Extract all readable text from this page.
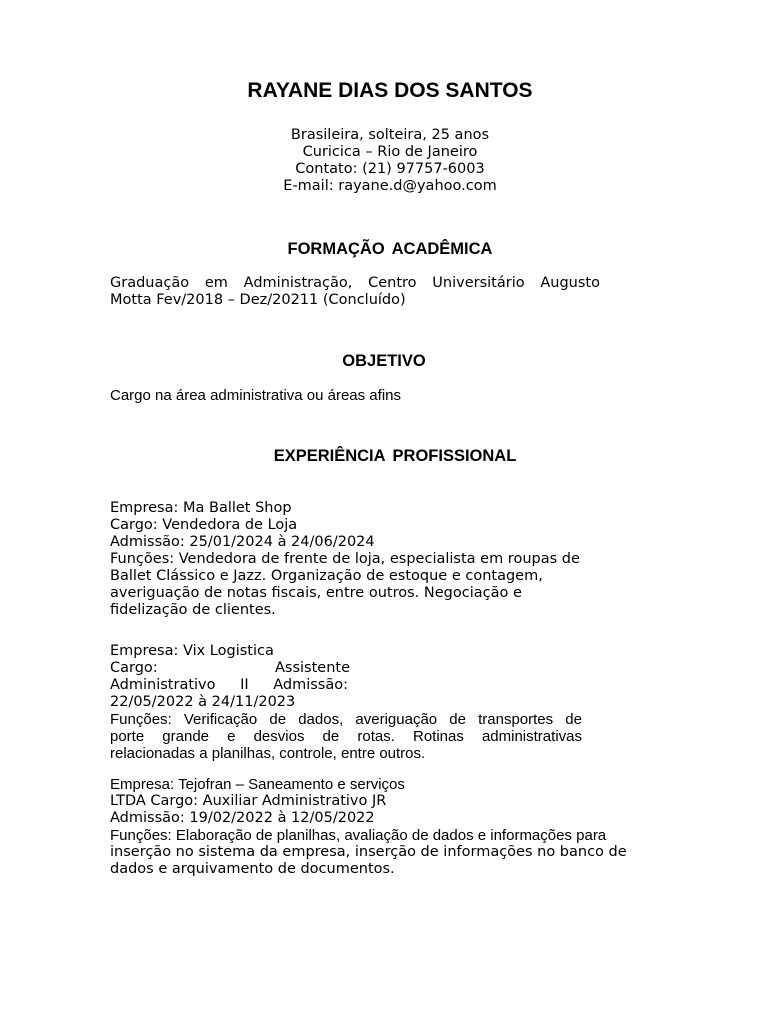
RAYANE DIAS DOS SANTOS
Brasileira, solteira, 25 anos
Curicica – Rio de Janeiro
Contato: (21) 97757-6003
E-mail: rayane.d@yahoo.com
FORMAÇÃO ACADÊMICA
Graduação em Administração, Centro Universitário Augusto
Motta Fev/2018 – Dez/20211 (Concluído)
OBJETIVO
Cargo na área administrativa ou áreas afins
EXPERIÊNCIA PROFISSIONAL
Empresa: Ma Ballet Shop
Cargo: Vendedora de Loja
Admissão: 25/01/2024 à 24/06/2024
Funções: Vendedora de frente de loja, especialista em roupas de
Ballet Clássico e Jazz. Organização de estoque e contagem,
averiguação de notas fiscais, entre outros. Negociação e
fidelização de clientes.
Empresa: Vix Logistica
Cargo:	Assistente
Administrativo II Admissão:
22/05/2022 à 24/11/2023
Funções: Verificação de dados, averiguação de transportes de
porte grande e desvios de rotas. Rotinas administrativas
relacionadas a planilhas, controle, entre outros.
Empresa: Tejofran – Saneamento e serviços
LTDA Cargo: Auxiliar Administrativo JR
Admissão: 19/02/2022 à 12/05/2022
Funções: Elaboração de planilhas, avaliação de dados e informações para
inserção no sistema da empresa, inserção de informações no banco de
dados e arquivamento de documentos.
